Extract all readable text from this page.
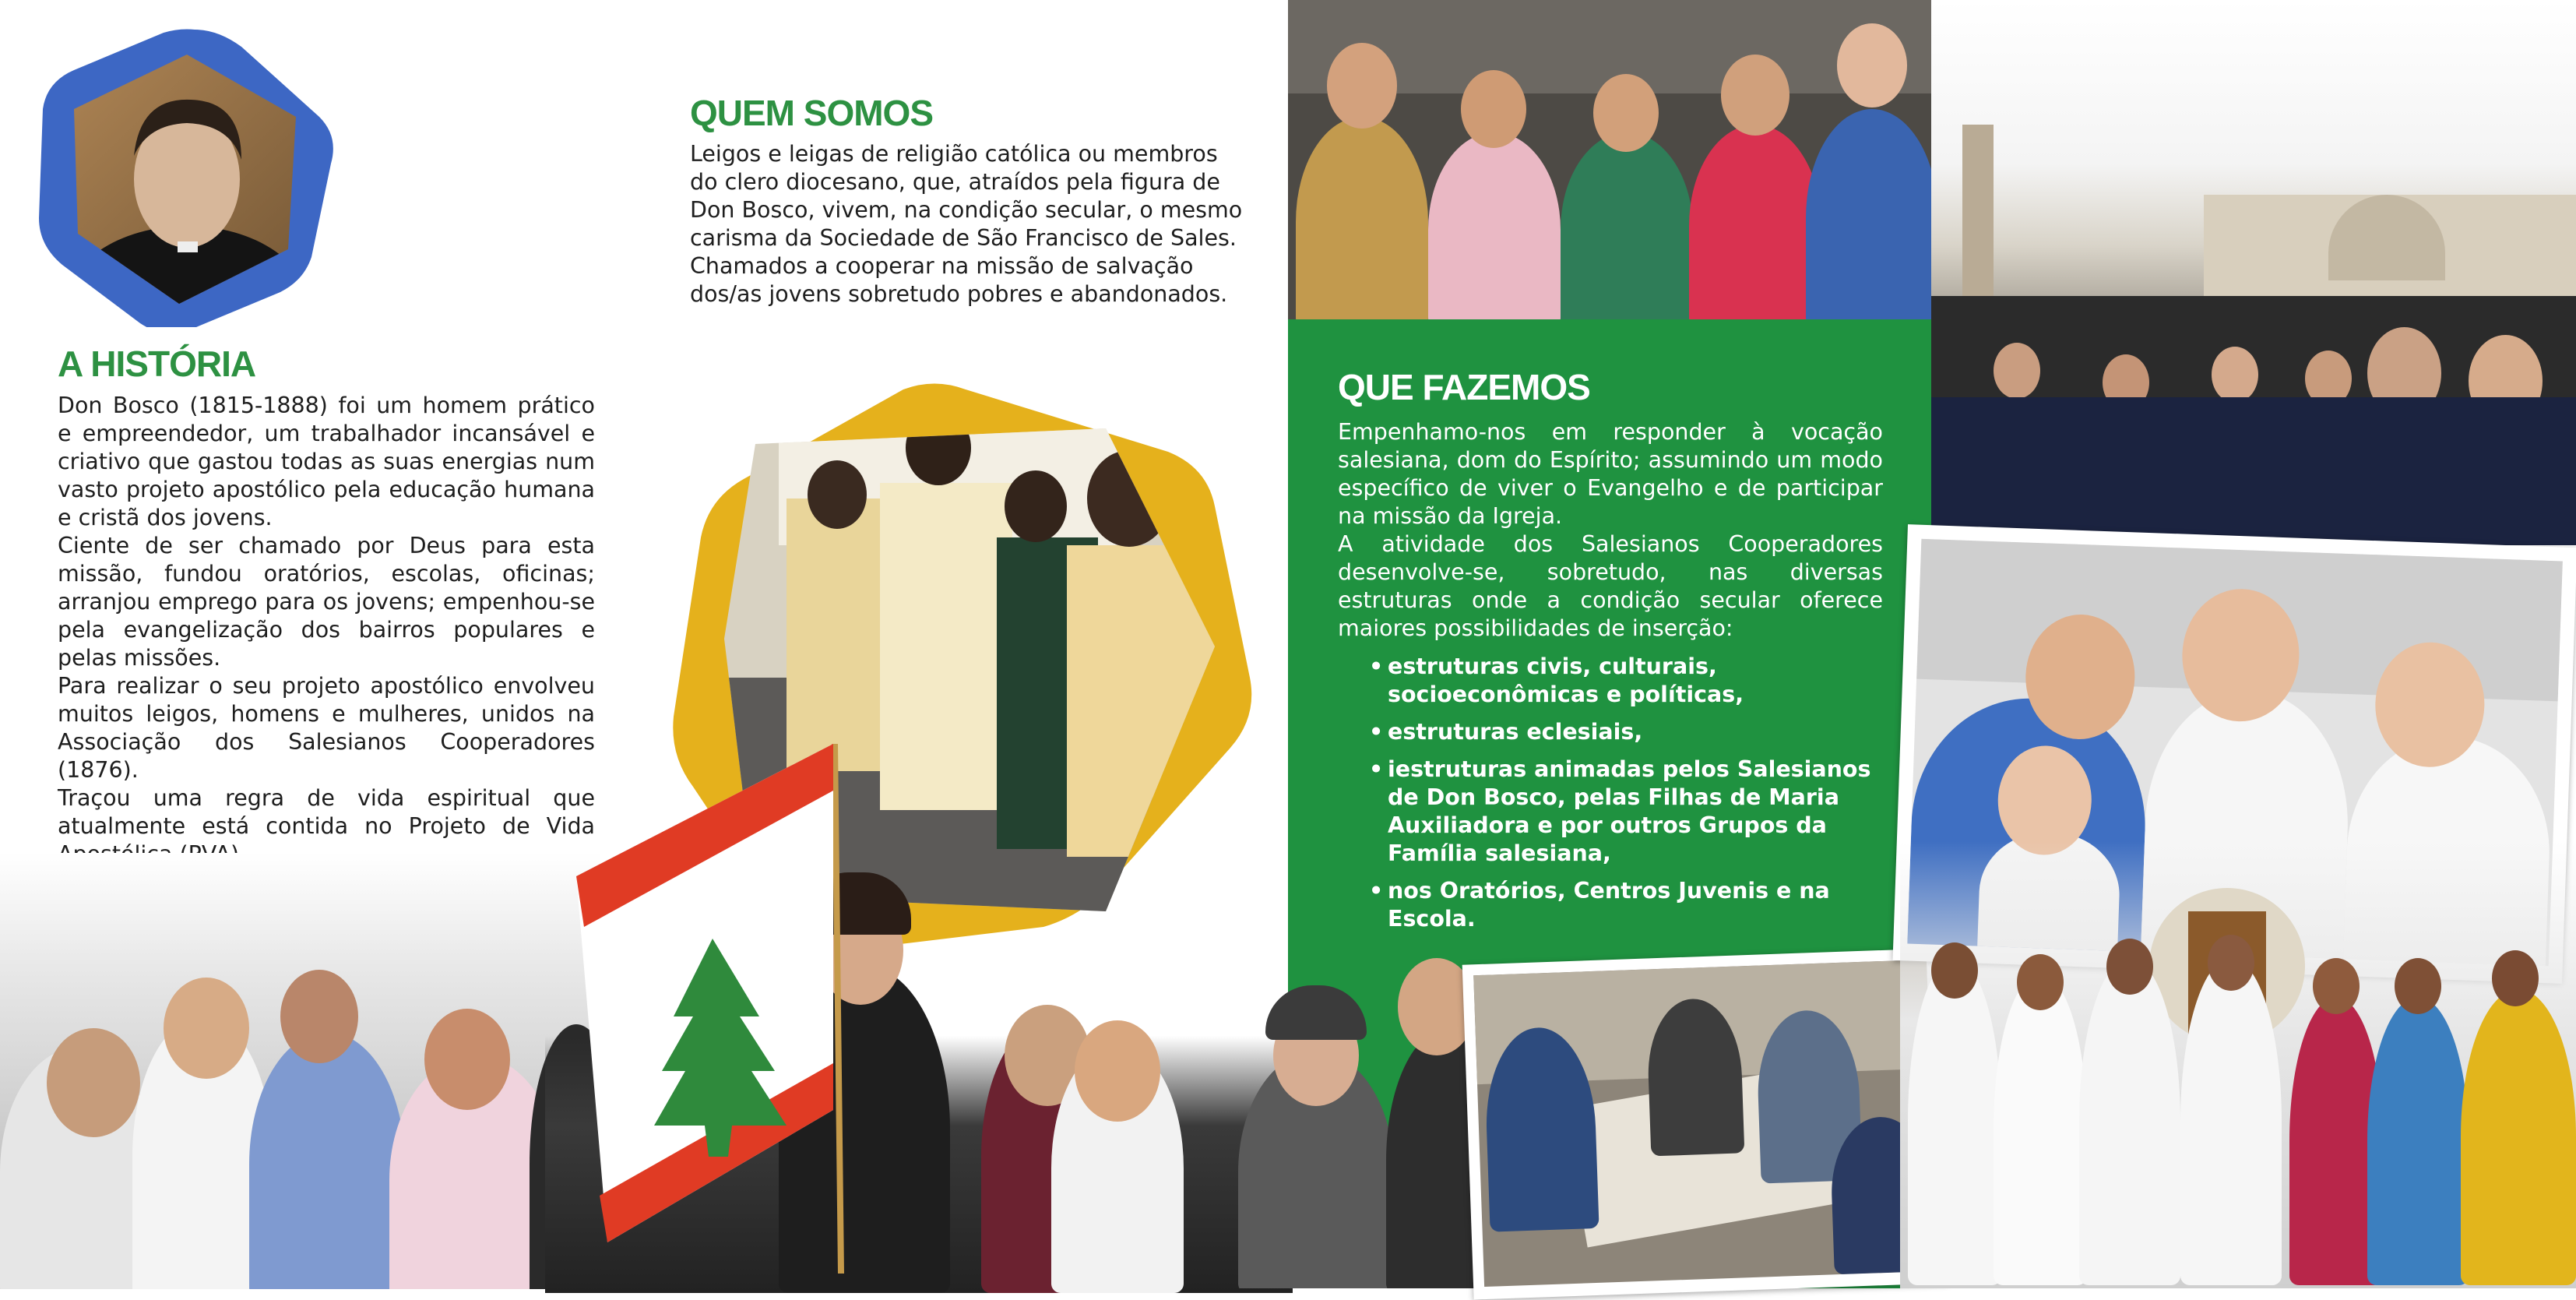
A HISTÓRIA

Don Bosco (1815-1888) foi um homem prático e empreendedor, um trabalhador incansável e criativo que gastou todas as suas energias num vasto projeto apostólico pela educação humana e cristã dos jovens.

Ciente de ser chamado por Deus para esta missão, fundou oratórios, escolas, oficinas; arranjou emprego para os jovens; empenhou-se pela evangelização dos bairros populares e pelas missões.

Para realizar o seu projeto apostólico envolveu muitos leigos, homens e mulheres, unidos na Associação dos Salesianos Cooperadores (1876).

Traçou uma regra de vida espiritual que atualmente está contida no Projeto de Vida

QUEM SOMOS

Leigos e leigas de religião católica ou membros do clero diocesano, que, atraídos pela figura de Don Bosco, vivem, na condição secular, o mesmo carisma da Sociedade de São Francisco de Sales. Chamados a cooperar na missão de salvação dos/as jovens sobretudo pobres e abandonados.

QUE FAZEMOS

Empenhamo-nos em responder à vocação salesiana, dom do Espírito; assumindo um modo específico de viver o Evangelho e de participar na missão da Igreja.

A atividade dos Salesianos Cooperadores desenvolve-se, sobretudo, nas diversas estruturas onde a condição secular oferece maiores possibilidades de inserção:

• estruturas civis, culturais, socioeconômicas e políticas,
• estruturas eclesiais,
• iestruturas animadas pelos Salesianos de Don Bosco, pelas Filhas de Maria Auxiliadora e por outros Grupos da Família salesiana,
• nos Oratórios, Centros Juvenis e na Escola.
